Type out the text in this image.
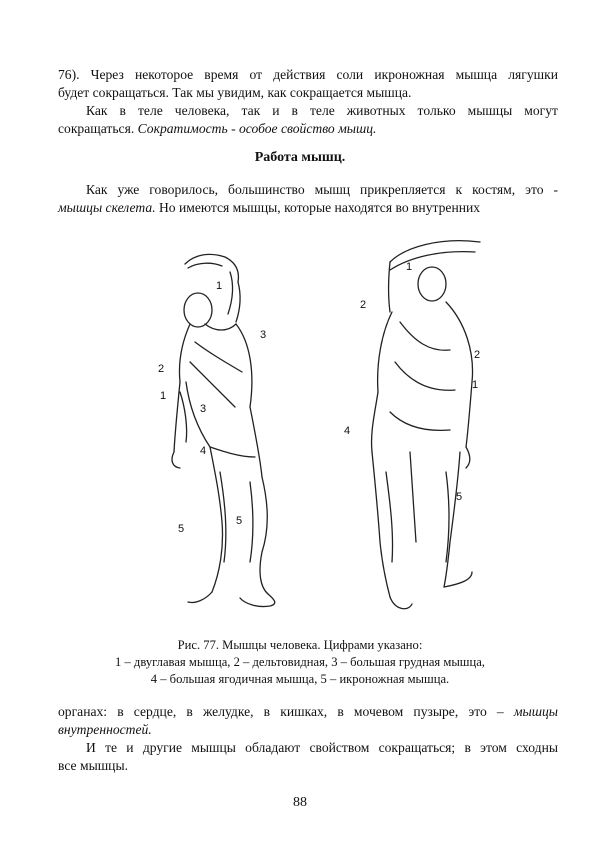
76). Через некоторое время от действия соли икроножная мышца лягушки
будет сокращаться. Так мы увидим, как сокращается мышца.
Как в теле человека, так и в теле животных только мышцы могут
сокращаться. Сократимость - особое свойство мышц.

Работа мышц.

Как уже говорилось, большинство мышц прикрепляется к костям, это -
мышцы скелета. Но имеются мышцы, которые находятся во внутренних

1
3
2
1
3
4
5
5
1
2
2
1
4
5

Рис. 77. Мышцы человека. Цифрами указано:
1 – двуглавая мышца, 2 – дельтовидная, 3 – большая грудная мышца,
4 – большая ягодичная мышца, 5 – икроножная мышца.

органах: в сердце, в желудке, в кишках, в мочевом пузыре, это – мышцы
внутренностей.
И те и другие мышцы обладают свойством сокращаться; в этом сходны
все мышцы.

88
